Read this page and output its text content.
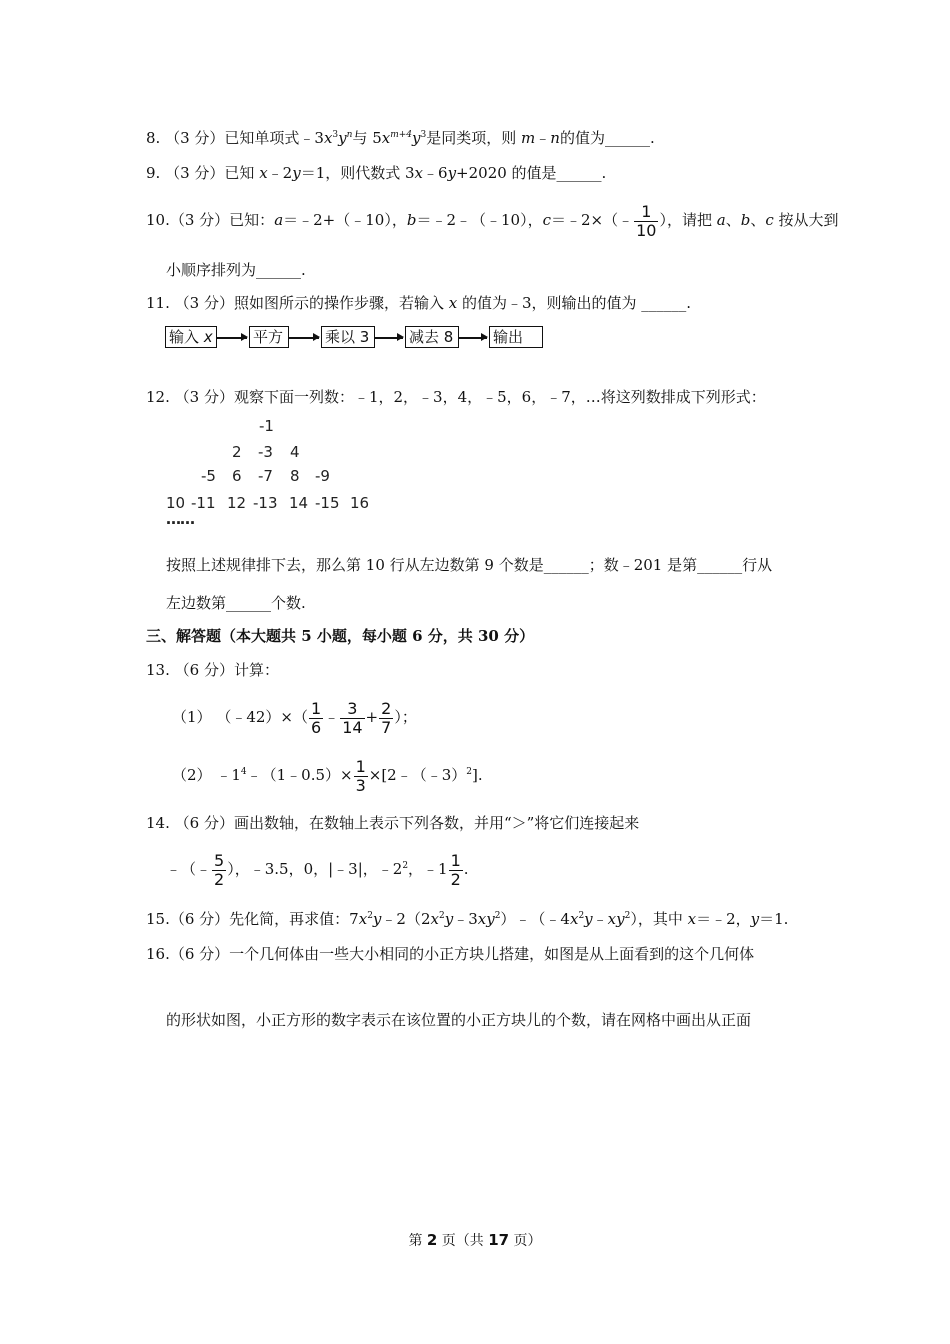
8. （3 分）已知单项式$﹣3x^3y^n$与 $5x^{m+4}y^3$是同类项，则 m﹣n的值为______.
9. （3 分）已知 x﹣2y＝1，则代数式 3x﹣6y+2020 的值是______.
10.（3 分）已知：a＝﹣2+（﹣10），b＝﹣2﹣（﹣10），c＝﹣2×（﹣ $\frac{1}{10}$ ），请把 a、b、c 按从大到
小顺序排列为______.
11. （3 分）照如图所示的操作步骤，若输入 x 的值为﹣3，则输出的值为 ______.
输入 x	平方	乘以 3	减去 8	输出
12. （3 分）观察下面一列数：﹣1，2，﹣3，4，﹣5，6，﹣7，…将这列数排成下列形式：
-1
2 -3 4
-5 6 -7 8 -9
10 -11 12 -13 14 -15 16
……
按照上述规律排下去，那么第 10 行从左边数第 9 个数是______；数﹣201 是第______行从
左边数第______个数.
三、解答题（本大题共 5 小题，每小题 6 分，共 30 分）
13. （6 分）计算：
（1） （﹣42）×（ $\frac{1}{6}$ ﹣ $\frac{3}{14} + \frac{2}{7}$ ）；
（2） $﹣1^4﹣(1﹣0.5)\times \frac{1}{3}$ ×[2﹣（﹣3）$^2$].
14. （6 分）画出数轴，在数轴上表示下列各数，并用“＞”将它们连接起来
﹣（﹣ $\frac{5}{2}$ ），﹣3.5，0，|﹣3|，$﹣2^2$，﹣1 $\frac{1}{2}$ .
15.（6 分）先化简，再求值：$7x^2y﹣2(2x^2y﹣3xy^2)﹣(﹣4x^2y﹣xy^2)$，其中 x＝﹣2，y＝1.
16.（6 分）一个几何体由一些大小相同的小正方块儿搭建，如图是从上面看到的这个几何体
的形状如图，小正方形的数字表示在该位置的小正方块儿的个数，请在网格中画出从正面
第 2 页（共 17 页）
